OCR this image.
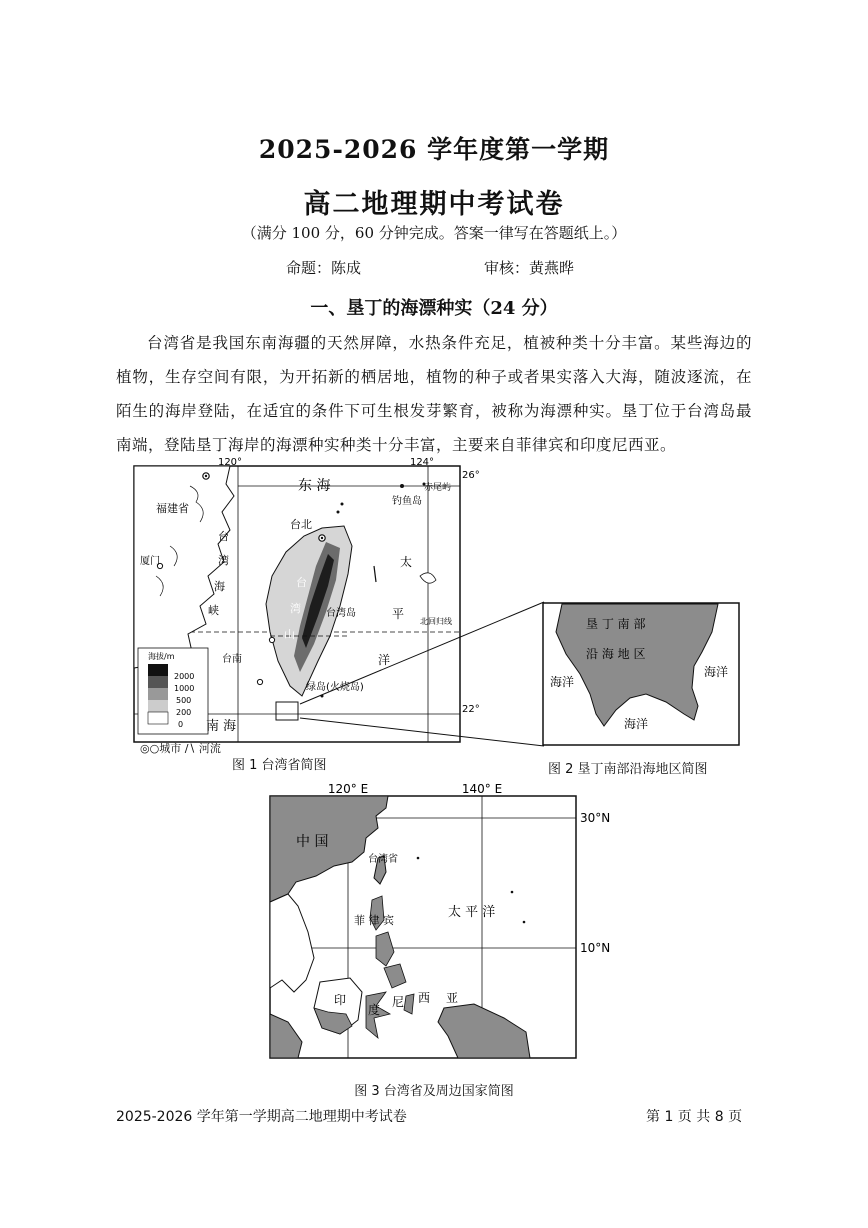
2025-2026 学年度第一学期
高二地理期中考试卷
（满分 100 分，60 分钟完成。答案一律写在答题纸上。）
命题：陈成	审核：黄燕晔
一、垦丁的海漂种实（24 分）
台湾省是我国东南海疆的天然屏障，水热条件充足，植被种类十分丰富。某些海边的植物，生存空间有限，为开拓新的栖居地，植物的种子或者果实落入大海，随波逐流，在陌生的海岸登陆，在适宜的条件下可生根发芽繁育，被称为海漂种实。垦丁位于台湾岛最南端，登陆垦丁海岸的海漂种实种类十分丰富，主要来自菲律宾和印度尼西亚。
120°	124°
26°
22°
东 海
福建省
厦门
台
湾
海
峡
台北
钓鱼岛
赤尾屿
太
平
洋
台湾岛
北回归线
台南
绿岛(火烧岛)
南 海
台
湾
山
海拔/m
2000
1000
500
200
0
◎○城市 ∕∖ 河流
垦 丁 南 部
沿 海 地 区
海洋
海洋
海洋
图 1 台湾省简图	图 2 垦丁南部沿海地区简图
120° E	140° E
30°N
10°N
中 国
台湾省
菲 律 宾
太 平 洋
印
度
尼 西 亚
图 3 台湾省及周边国家简图
2025-2026 学年第一学期高二地理期中考试卷	第 1 页 共 8 页
